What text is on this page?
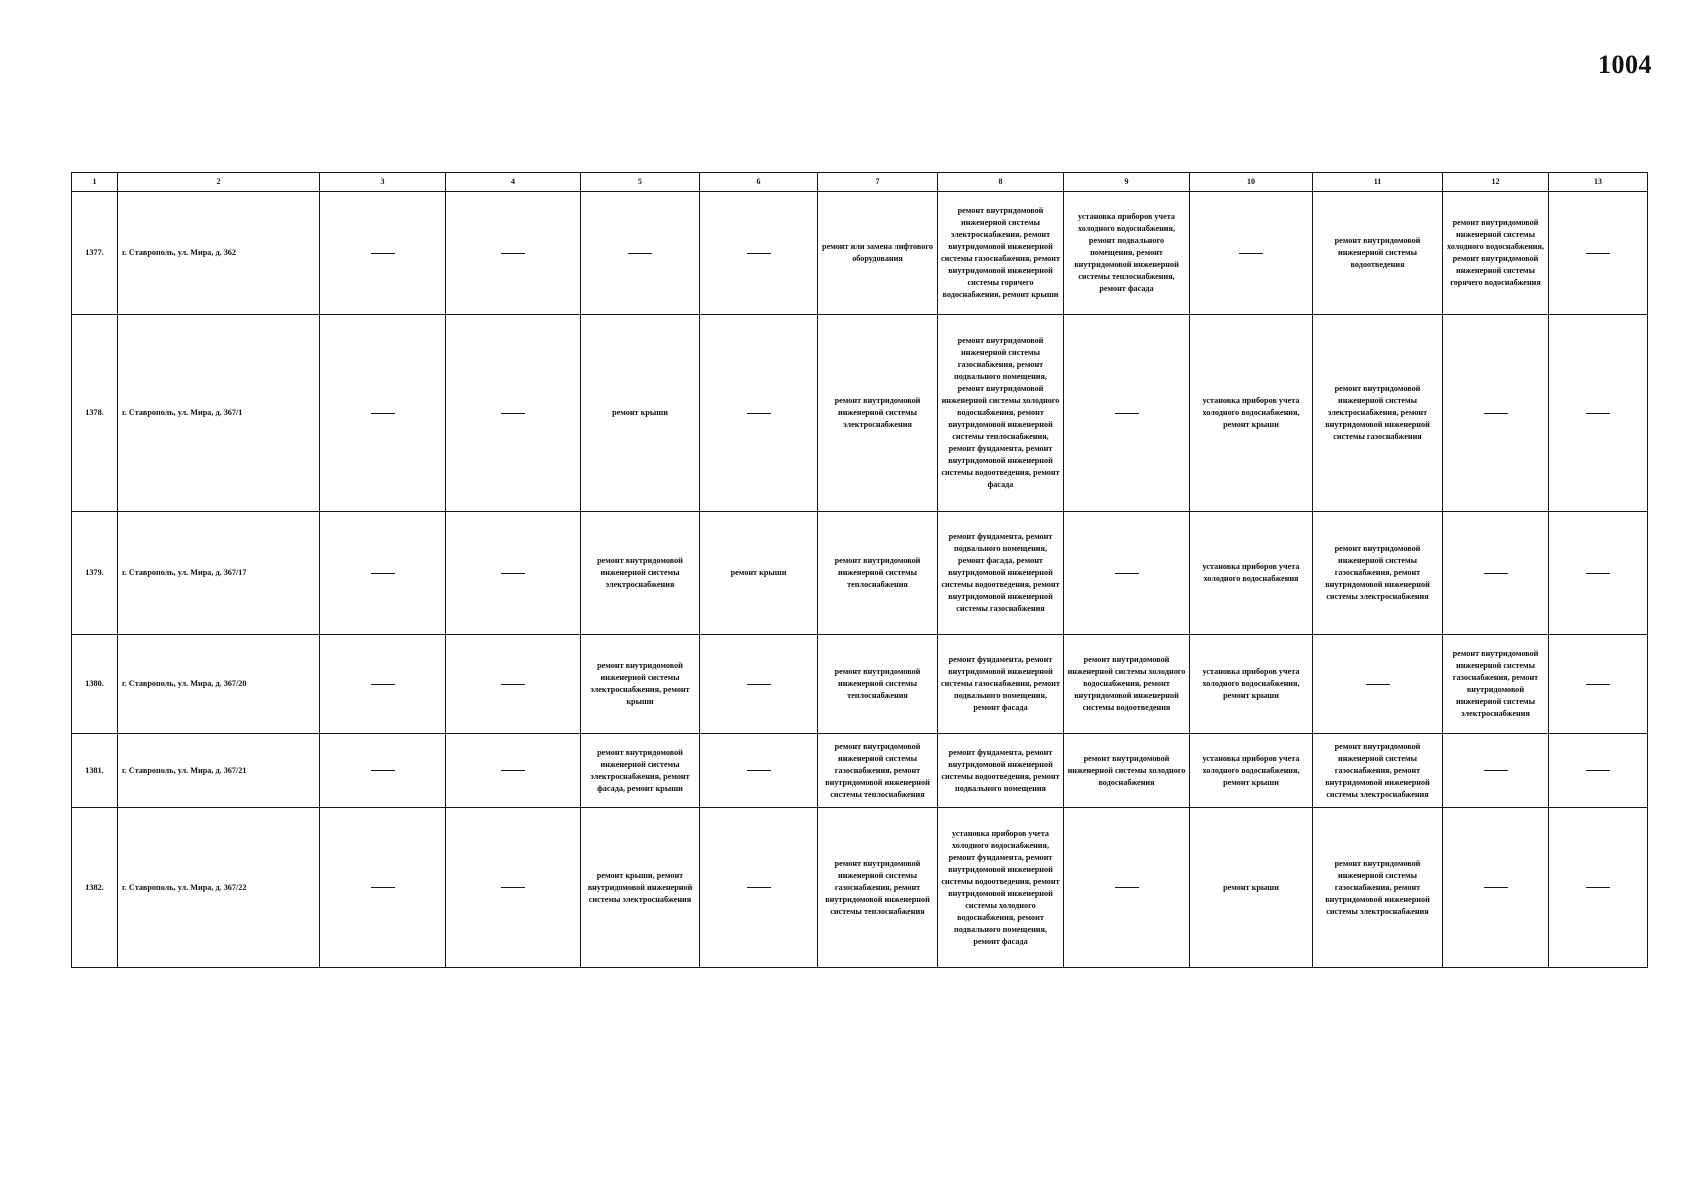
1004
1	2	3	4	5	6	7	8	9	10	11	12	13
1377.	г. Ставрополь, ул. Мира, д. 362					ремонт или замена лифтового оборудования	ремонт внутридомовой инженерной системы электроснабжения, ремонт внутридомовой инженерной системы газоснабжения, ремонт внутридомовой инженерной системы горячего водоснабжения, ремонт крыши	установка приборов учета холодного водоснабжения, ремонт подвального помещения, ремонт внутридомовой инженерной системы теплоснабжения, ремонт фасада		ремонт внутридомовой инженерной системы водоотведения	ремонт внутридомовой инженерной системы холодного водоснабжения, ремонт внутридомовой инженерной системы горячего водоснабжения	
1378.	г. Ставрополь, ул. Мира, д. 367/1			ремонт крыши		ремонт внутридомовой инженерной системы электроснабжения	ремонт внутридомовой инженерной системы газоснабжения, ремонт подвального помещения, ремонт внутридомовой инженерной системы холодного водоснабжения, ремонт внутридомовой инженерной системы теплоснабжения, ремонт фундамента, ремонт внутридомовой инженерной системы водоотведения, ремонт фасада		установка приборов учета холодного водоснабжения, ремонт крыши	ремонт внутридомовой инженерной системы электроснабжения, ремонт внутридомовой инженерной системы газоснабжения		
1379.	г. Ставрополь, ул. Мира, д. 367/17			ремонт внутридомовой инженерной системы электроснабжения	ремонт крыши	ремонт внутридомовой инженерной системы теплоснабжения	ремонт фундамента, ремонт подвального помещения, ремонт фасада, ремонт внутридомовой инженерной системы водоотведения, ремонт внутридомовой инженерной системы газоснабжения		установка приборов учета холодного водоснабжения	ремонт внутридомовой инженерной системы газоснабжения, ремонт внутридомовой инженерной системы электроснабжения		
1380.	г. Ставрополь, ул. Мира, д. 367/20			ремонт внутридомовой инженерной системы электроснабжения, ремонт крыши		ремонт внутридомовой инженерной системы теплоснабжения	ремонт фундамента, ремонт внутридомовой инженерной системы газоснабжения, ремонт подвального помещения, ремонт фасада	ремонт внутридомовой инженерной системы холодного водоснабжения, ремонт внутридомовой инженерной системы водоотведения	установка приборов учета холодного водоснабжения, ремонт крыши		ремонт внутридомовой инженерной системы газоснабжения, ремонт внутридомовой инженерной системы электроснабжения	
1381.	г. Ставрополь, ул. Мира, д. 367/21			ремонт внутридомовой инженерной системы электроснабжения, ремонт фасада, ремонт крыши		ремонт внутридомовой инженерной системы газоснабжения, ремонт внутридомовой инженерной системы теплоснабжения	ремонт фундамента, ремонт внутридомовой инженерной системы водоотведения, ремонт подвального помещения	ремонт внутридомовой инженерной системы холодного водоснабжения	установка приборов учета холодного водоснабжения, ремонт крыши	ремонт внутридомовой инженерной системы газоснабжения, ремонт внутридомовой инженерной системы электроснабжения		
1382.	г. Ставрополь, ул. Мира, д. 367/22			ремонт крыши, ремонт внутридомовой инженерной системы электроснабжения		ремонт внутридомовой инженерной системы газоснабжения, ремонт внутридомовой инженерной системы теплоснабжения	установка приборов учета холодного водоснабжения, ремонт фундамента, ремонт внутридомовой инженерной системы водоотведения, ремонт внутридомовой инженерной системы холодного водоснабжения, ремонт подвального помещения, ремонт фасада		ремонт крыши	ремонт внутридомовой инженерной системы газоснабжения, ремонт внутридомовой инженерной системы электроснабжения		
